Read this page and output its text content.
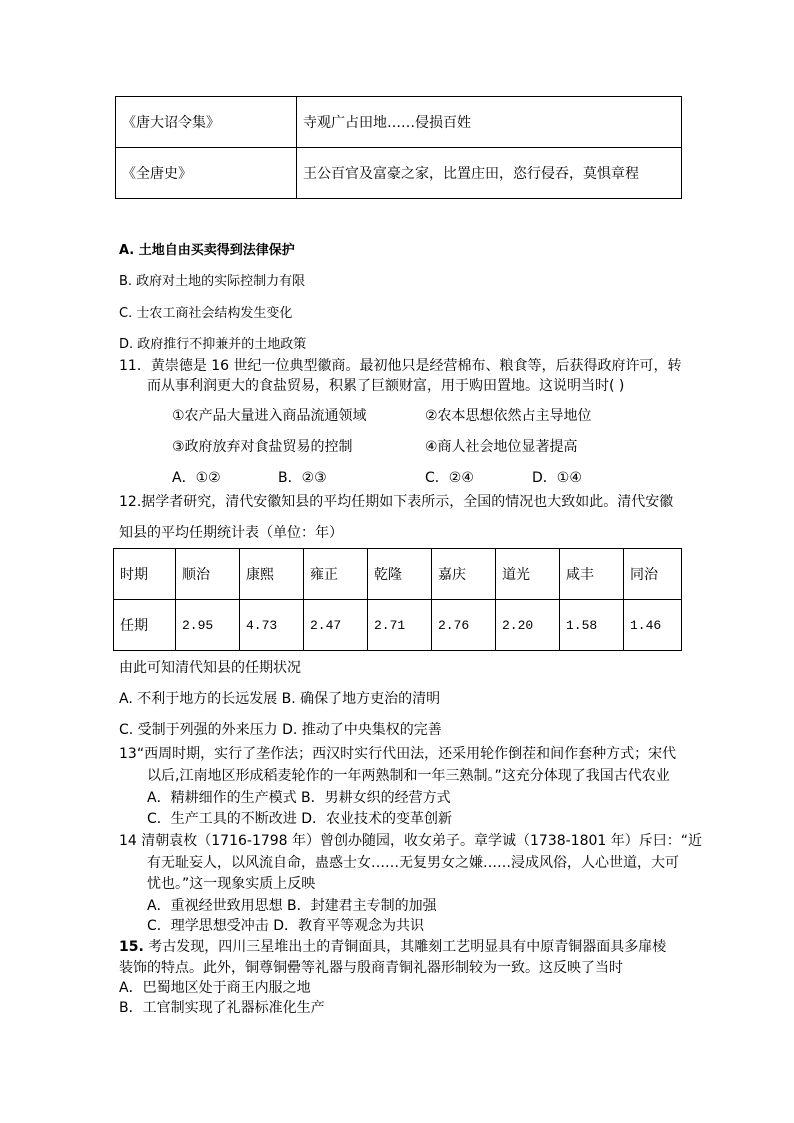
《唐大诏令集》	寺观广占田地……侵损百姓
《全唐史》	王公百官及富豪之家，比置庄田，恣行侵吞，莫惧章程
A. 土地自由买卖得到法律保护
B. 政府对土地的实际控制力有限
C. 士农工商社会结构发生变化
D. 政府推行不抑兼并的土地政策
11．黄崇德是 16 世纪一位典型徽商。最初他只是经营棉布、粮食等，后获得政府许可，转
而从事利润更大的食盐贸易，积累了巨额财富，用于购田置地。这说明当时( )
①农产品大量进入商品流通领域	②农本思想依然占主导地位
③政府放弃对食盐贸易的控制	④商人社会地位显著提高
A．①②	B．②③	C．②④	D．①④
12.据学者研究，清代安徽知县的平均任期如下表所示，全国的情况也大致如此。清代安徽
知县的平均任期统计表（单位：年）
时期	顺治	康熙	雍正	乾隆	嘉庆	道光	咸丰	同治
任期	2.95	4.73	2.47	2.71	2.76	2.20	1.58	1.46
由此可知清代知县的任期状况
A. 不利于地方的长远发展 B. 确保了地方吏治的清明
C. 受制于列强的外来压力 D. 推动了中央集权的完善
13“西周时期，实行了垄作法；西汉时实行代田法，还采用轮作倒茬和间作套种方式；宋代
以后,江南地区形成稻麦轮作的一年两熟制和一年三熟制。”这充分体现了我国古代农业
A．精耕细作的生产模式 B．男耕女织的经营方式
C．生产工具的不断改进 D．农业技术的变革创新
14 清朝袁枚（1716-1798 年）曾创办随园，收女弟子。章学诚（1738-1801 年）斥曰：“近
有无耻妄人，以风流自命，蛊惑士女……无复男女之嫌……浸成风俗，人心世道，大可
忧也。”这一现象实质上反映
A．重视经世致用思想 B．封建君主专制的加强
C．理学思想受冲击 D．教育平等观念为共识
15. 考古发现，四川三星堆出土的青铜面具，其雕刻工艺明显具有中原青铜器面具多扉棱
装饰的特点。此外，铜尊铜罍等礼器与殷商青铜礼器形制较为一致。这反映了当时
A．巴蜀地区处于商王内服之地
B．工官制实现了礼器标准化生产
